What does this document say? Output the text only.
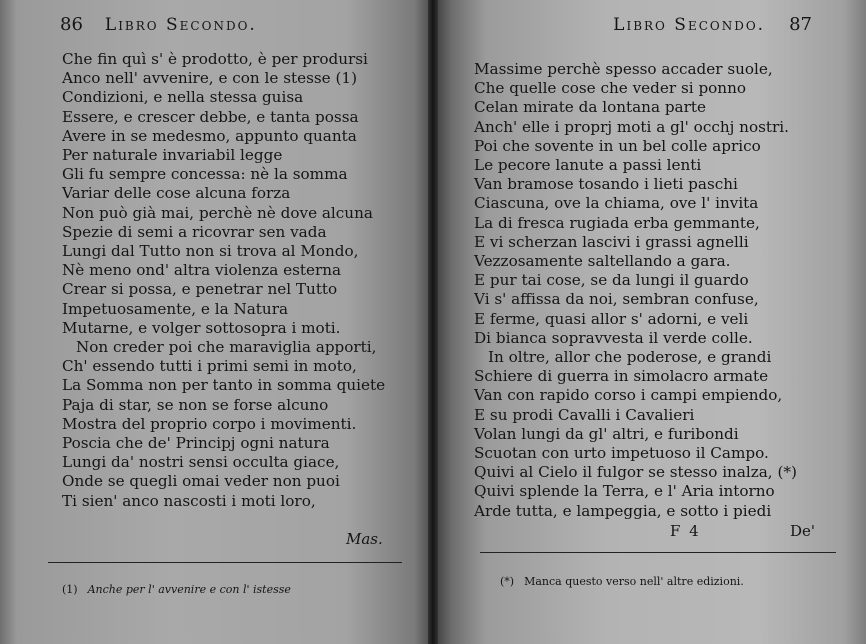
86 Libro Secondo.
Che fin quì s' è prodotto, è per prodursi
Anco nell' avvenire, e con le stesse (1)
Condizioni, e nella stessa guisa
Essere, e crescer debbe, e tanta possa
Avere in se medesmo, appunto quanta
Per naturale invariabil legge
Gli fu sempre concessa: nè la somma
Variar delle cose alcuna forza
Non può già mai, perchè nè dove alcuna
Spezie di semi a ricovrar sen vada
Lungi dal Tutto non si trova al Mondo,
Nè meno ond' altra violenza esterna
Crear si possa, e penetrar nel Tutto
Impetuosamente, e la Natura
Mutarne, e volger sottosopra i moti.
Non creder poi che maraviglia apporti,
Ch' essendo tutti i primi semi in moto,
La Somma non per tanto in somma quiete
Paja di star, se non se forse alcuno
Mostra del proprio corpo i movimenti.
Poscia che de' Principj ogni natura
Lungi da' nostri sensi occulta giace,
Onde se quegli omai veder non puoi
Ti sien' anco nascosti i moti loro,
Mas.
(1) Anche per l' avvenire e con l' istesse
Libro Secondo. 87
Massime perchè spesso accader suole,
Che quelle cose che veder si ponno
Celan mirate da lontana parte
Anch' elle i proprj moti a gl' occhj nostri.
Poi che sovente in un bel colle aprico
Le pecore lanute a passi lenti
Van bramose tosando i lieti paschi
Ciascuna, ove la chiama, ove l' invita
La di fresca rugiada erba gemmante,
E vi scherzan lascivi i grassi agnelli
Vezzosamente saltellando a gara.
E pur tai cose, se da lungi il guardo
Vi s' affissa da noi, sembran confuse,
E ferme, quasi allor s' adorni, e veli
Di bianca sopravvesta il verde colle.
In oltre, allor che poderose, e grandi
Schiere di guerra in simolacro armate
Van con rapido corso i campi empiendo,
E su prodi Cavalli i Cavalieri
Volan lungi da gl' altri, e furibondi
Scuotan con urto impetuoso il Campo.
Quivi al Cielo il fulgor se stesso inalza, (*)
Quivi splende la Terra, e l' Aria intorno
Arde tutta, e lampeggia, e sotto i piedi
F 4	De'
(*) Manca questo verso nell' altre edizioni.
